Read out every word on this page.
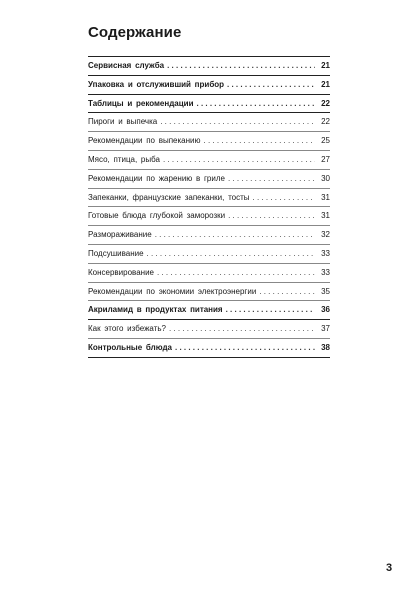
Содержание
Сервисная служба . . .	21
Упаковка и отслуживший прибор . . .	21
Таблицы и рекомендации . . .	22
Пироги и выпечка . . .	22
Рекомендации по выпеканию . . .	25
Мясо, птица, рыба . . .	27
Рекомендации по жарению в гриле . . .	30
Запеканки, французские запеканки, тосты . . .	31
Готовые блюда глубокой заморозки . . .	31
Размораживание . . .	32
Подсушивание . . .	33
Консервирование . . .	33
Рекомендации по экономии электроэнергии . . .	35
Акриламид в продуктах питания . . .	36
Как этого избежать? . . .	37
Контрольные блюда . . .	38
3
